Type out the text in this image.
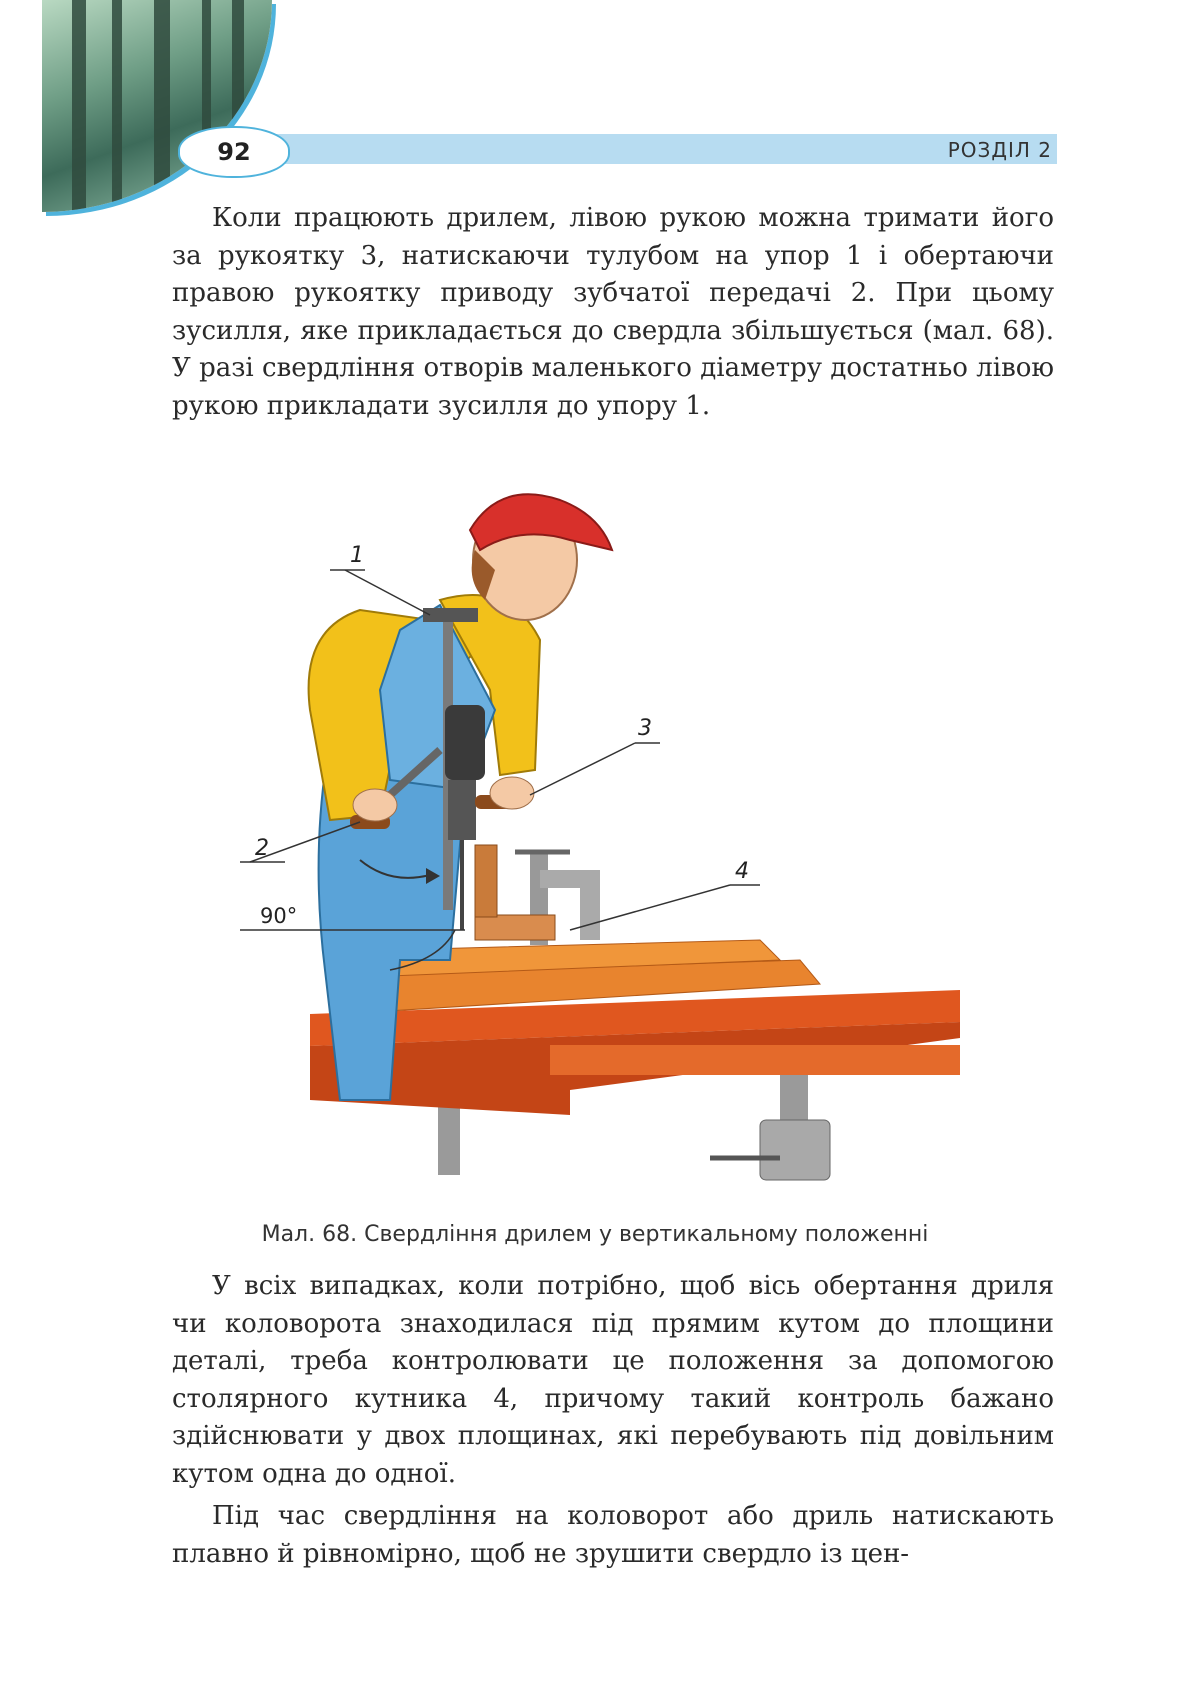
92	РОЗДІЛ 2

Коли працюють дрилем, лівою рукою можна тримати його за рукоятку 3, натискаючи тулубом на упор 1 і обертаючи правою рукоятку приводу зубчатої передачі 2. При цьому зусилля, яке прикладається до свердла збільшується (мал. 68). У разі свердління отворів маленького діаметру достатньо лівою рукою прикладати зусилля до упору 1.

1
2
3
4
90°
Мал. 68. Свердління дрилем у вертикальному положенні

У всіх випадках, коли потрібно, щоб вісь обертання дриля чи коловорота знаходилася під прямим кутом до площини деталі, треба контролювати це положення за допомогою столярного кутника 4, причому такий контроль бажано здійснювати у двох площинах, які перебувають під довільним кутом одна до одної.

Під час свердління на коловорот або дриль натискають плавно й рівномірно, щоб не зрушити свердло із цен-
